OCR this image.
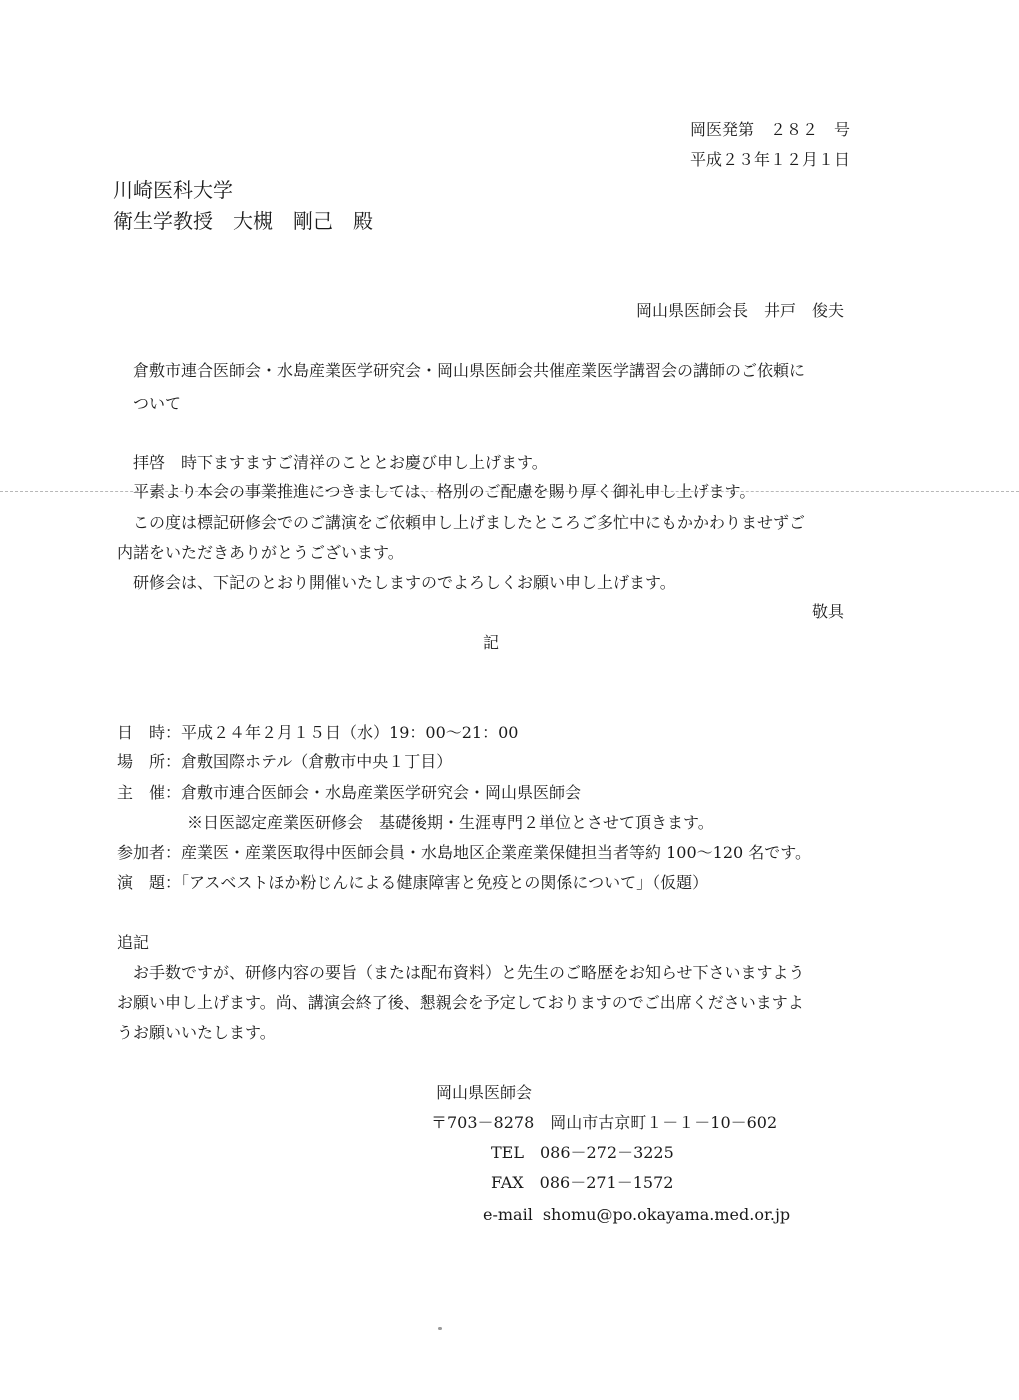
岡医発第　２８２　号
平成２３年１２月１日
川崎医科大学
衛生学教授　大槻　剛己　殿
岡山県医師会長　井戸　俊夫
倉敷市連合医師会・水島産業医学研究会・岡山県医師会共催産業医学講習会の講師のご依頼に
ついて
拝啓　時下ますますご清祥のこととお慶び申し上げます。
平素より本会の事業推進につきましては、格別のご配慮を賜り厚く御礼申し上げます。
この度は標記研修会でのご講演をご依頼申し上げましたところご多忙中にもかかわりませずご
内諾をいただきありがとうございます。
研修会は、下記のとおり開催いたしますのでよろしくお願い申し上げます。
敬具
記
日　時：平成２４年２月１５日（水）19：00〜21：00
場　所：倉敷国際ホテル（倉敷市中央１丁目）
主　催：倉敷市連合医師会・水島産業医学研究会・岡山県医師会
※日医認定産業医研修会　基礎後期・生涯専門２単位とさせて頂きます。
参加者：産業医・産業医取得中医師会員・水島地区企業産業保健担当者等約 100〜120 名です。
演　題：「アスベストほか粉じんによる健康障害と免疫との関係について」（仮題）
追記
お手数ですが、研修内容の要旨（または配布資料）と先生のご略歴をお知らせ下さいますよう
お願い申し上げます。尚、講演会終了後、懇親会を予定しておりますのでご出席くださいますよ
うお願いいたします。
岡山県医師会
〒703－8278　岡山市古京町１－１－10－602
TEL 086－272－3225
FAX 086－271－1572
e-mail shomu@po.okayama.med.or.jp
